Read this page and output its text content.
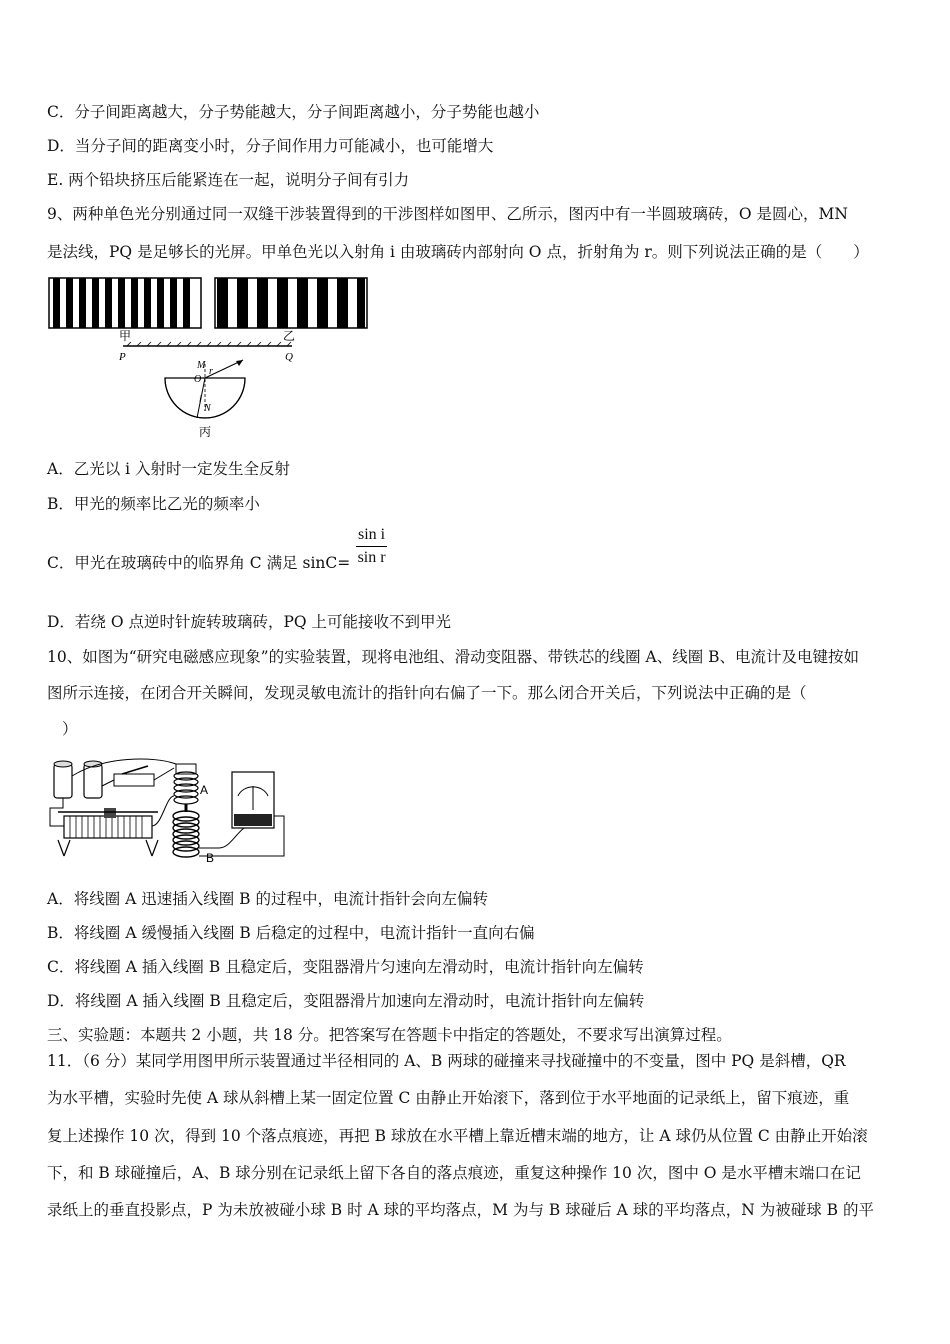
C．分子间距离越大，分子势能越大，分子间距离越小，分子势能也越小
D．当分子间的距离变小时，分子间作用力可能减小，也可能增大
E. 两个铅块挤压后能紧连在一起，说明分子间有引力
9、两种单色光分别通过同一双缝干涉装置得到的干涉图样如图甲、乙所示，图丙中有一半圆玻璃砖，O 是圆心，MN
是法线，PQ 是足够长的光屏。甲单色光以入射角 i 由玻璃砖内部射向 O 点，折射角为 r。则下列说法正确的是（　　）
甲	乙
P	Q
M
r
O
i
N
丙
A．乙光以 i 入射时一定发生全反射
B．甲光的频率比乙光的频率小
C．甲光在玻璃砖中的临界角 C 满足 $\sin C= \frac{\text{sin i}}{\text{sin r}}$
D．若绕 O 点逆时针旋转玻璃砖，PQ 上可能接收不到甲光
10、如图为“研究电磁感应现象”的实验装置，现将电池组、滑动变阻器、带铁芯的线圈 A、线圈 B、电流计及电键按如
图所示连接，在闭合开关瞬间，发现灵敏电流计的指针向右偏了一下。那么闭合开关后，下列说法中正确的是（
）
A
B
A．将线圈 A 迅速插入线圈 B 的过程中，电流计指针会向左偏转
B．将线圈 A 缓慢插入线圈 B 后稳定的过程中，电流计指针一直向右偏
C．将线圈 A 插入线圈 B 且稳定后，变阻器滑片匀速向左滑动时，电流计指针向左偏转
D．将线圈 A 插入线圈 B 且稳定后，变阻器滑片加速向左滑动时，电流计指针向左偏转
三、实验题：本题共 2 小题，共 18 分。把答案写在答题卡中指定的答题处，不要求写出演算过程。
11．（6 分）某同学用图甲所示装置通过半径相同的 A、B 两球的碰撞来寻找碰撞中的不变量，图中 PQ 是斜槽，QR
为水平槽，实验时先使 A 球从斜槽上某一固定位置 C 由静止开始滚下，落到位于水平地面的记录纸上，留下痕迹，重
复上述操作 10 次，得到 10 个落点痕迹，再把 B 球放在水平槽上靠近槽末端的地方，让 A 球仍从位置 C 由静止开始滚
下，和 B 球碰撞后，A、B 球分别在记录纸上留下各自的落点痕迹，重复这种操作 10 次，图中 O 是水平槽末端口在记
录纸上的垂直投影点，P 为未放被碰小球 B 时 A 球的平均落点，M 为与 B 球碰后 A 球的平均落点，N 为被碰球 B 的平
